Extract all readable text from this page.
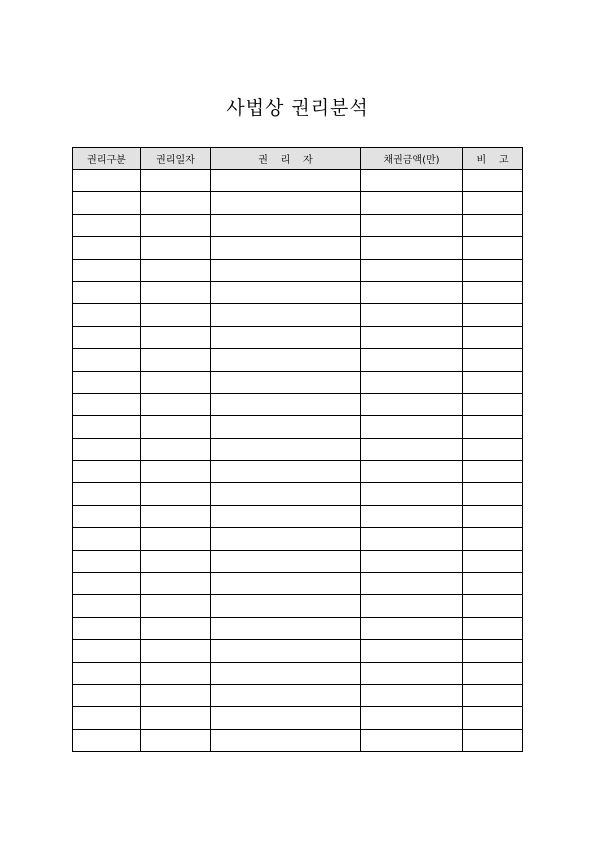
사법상 권리분석
권리구분	권리일자	권    리    자	채권금액(만)	비    고
